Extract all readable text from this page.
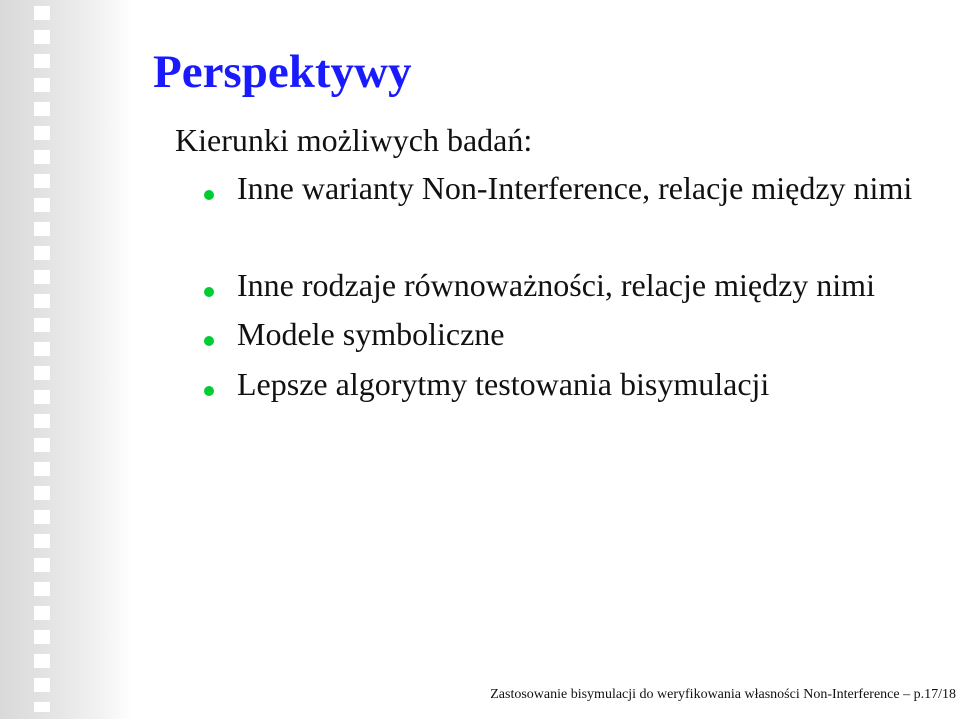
Perspektywy

Kierunki możliwych badań:

Inne warianty Non-Interference, relacje między nimi
Inne rodzaje równoważności, relacje między nimi
Modele symboliczne
Lepsze algorytmy testowania bisymulacji
Zastosowanie bisymulacji do weryfikowania własności Non-Interference – p.17/18
